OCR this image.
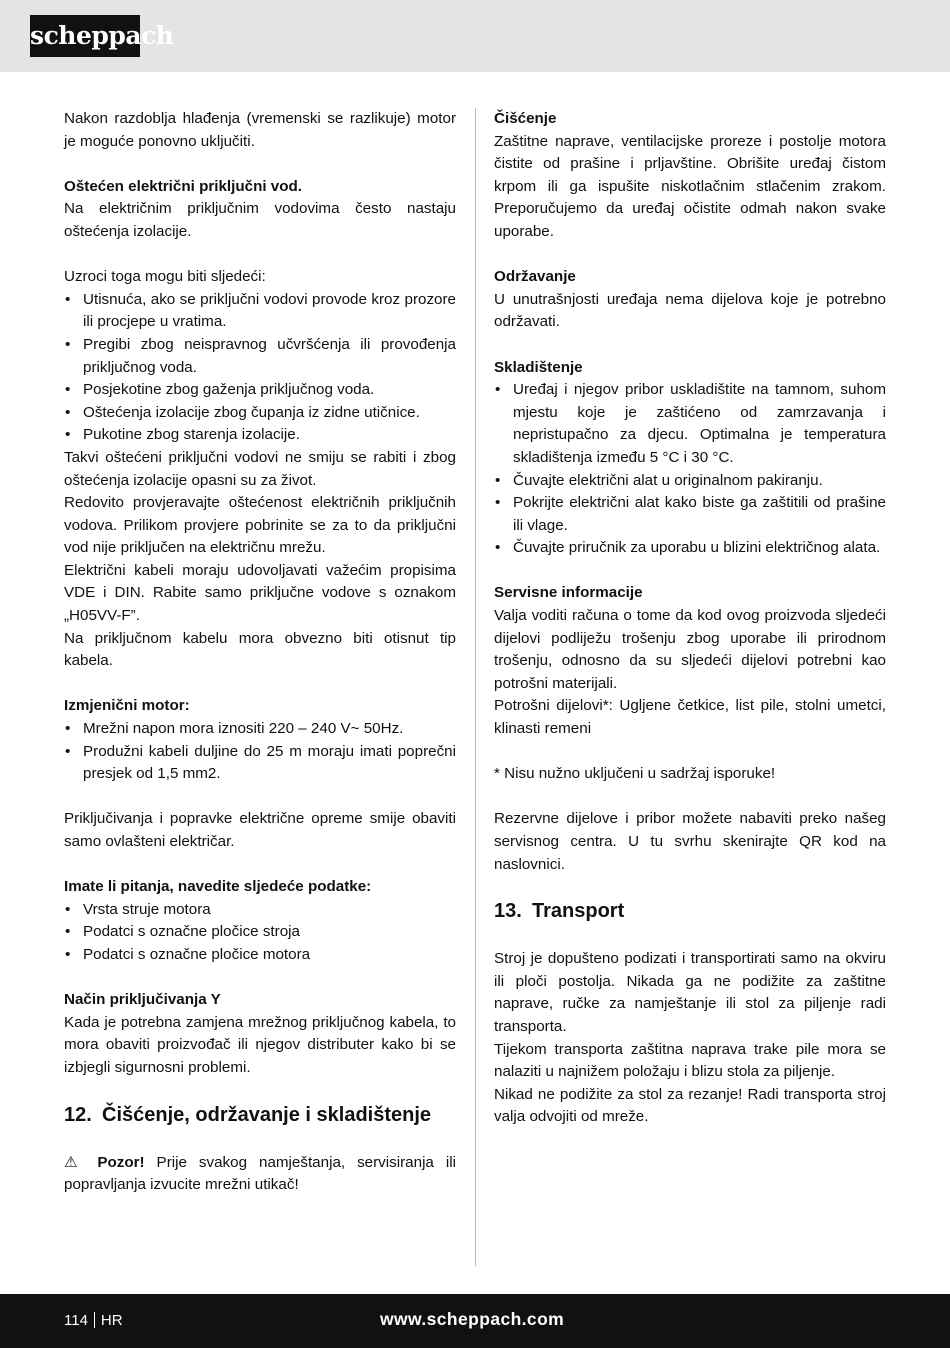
scheppach

Nakon razdoblja hlađenja (vremenski se razlikuje) motor je moguće ponovno uključiti.

Oštećen električni priključni vod.

Na električnim priključnim vodovima često nastaju oštećenja izolacije.

Uzroci toga mogu biti sljedeći:

• Utisnuća, ako se priključni vodovi provode kroz prozore ili procjepe u vratima.
• Pregibi zbog neispravnog učvršćenja ili provođenja priključnog voda.
• Posjekotine zbog gaženja priključnog voda.
• Oštećenja izolacije zbog čupanja iz zidne utičnice.
• Pukotine zbog starenja izolacije.

Takvi oštećeni priključni vodovi ne smiju se rabiti i zbog oštećenja izolacije opasni su za život.

Redovito provjeravajte oštećenost električnih priključnih vodova. Prilikom provjere pobrinite se za to da priključni vod nije priključen na električnu mrežu.

Električni kabeli moraju udovoljavati važećim propisima VDE i DIN. Rabite samo priključne vodove s oznakom „H05VV-F”.

Na priključnom kabelu mora obvezno biti otisnut tip kabela.

Izmjenični motor:

• Mrežni napon mora iznositi 220 – 240 V~ 50Hz.
• Produžni kabeli duljine do 25 m moraju imati poprečni presjek od 1,5 mm2.

Priključivanja i popravke električne opreme smije obaviti samo ovlašteni električar.

Imate li pitanja, navedite sljedeće podatke:

• Vrsta struje motora
• Podatci s označne pločice stroja
• Podatci s označne pločice motora

Način priključivanja Y

Kada je potrebna zamjena mrežnog priključnog kabela, to mora obaviti proizvođač ili njegov distributer kako bi se izbjegli sigurnosni problemi.

12. Čišćenje, održavanje i skladištenje

⚠ Pozor! Prije svakog namještanja, servisiranja ili popravljanja izvucite mrežni utikač!

Čišćenje

Zaštitne naprave, ventilacijske proreze i postolje motora čistite od prašine i prljavštine. Obrišite uređaj čistom krpom ili ga ispušite niskotlačnim stlačenim zrakom. Preporučujemo da uređaj očistite odmah nakon svake uporabe.

Održavanje

U unutrašnjosti uređaja nema dijelova koje je potrebno održavati.

Skladištenje

• Uređaj i njegov pribor uskladištite na tamnom, suhom mjestu koje je zaštićeno od zamrzavanja i nepristupačno za djecu. Optimalna je temperatura skladištenja između 5 °C i 30 °C.
• Čuvajte električni alat u originalnom pakiranju.
• Pokrijte električni alat kako biste ga zaštitili od prašine ili vlage.
• Čuvajte priručnik za uporabu u blizini električnog alata.

Servisne informacije

Valja voditi računa o tome da kod ovog proizvoda sljedeći dijelovi podliježu trošenju zbog uporabe ili prirodnom trošenju, odnosno da su sljedeći dijelovi potrebni kao potrošni materijali.

Potrošni dijelovi*: Ugljene četkice, list pile, stolni umetci, klinasti remeni

* Nisu nužno uključeni u sadržaj isporuke!

Rezervne dijelove i pribor možete nabaviti preko našeg servisnog centra. U tu svrhu skenirajte QR kod na naslovnici.

13. Transport

Stroj je dopušteno podizati i transportirati samo na okviru ili ploči postolja. Nikada ga ne podižite za zaštitne naprave, ručke za namještanje ili stol za piljenje radi transporta.

Tijekom transporta zaštitna naprava trake pile mora se nalaziti u najnižem položaju i blizu stola za piljenje.

Nikad ne podižite za stol za rezanje! Radi transporta stroj valja odvojiti od mreže.

114 HR	www.scheppach.com
